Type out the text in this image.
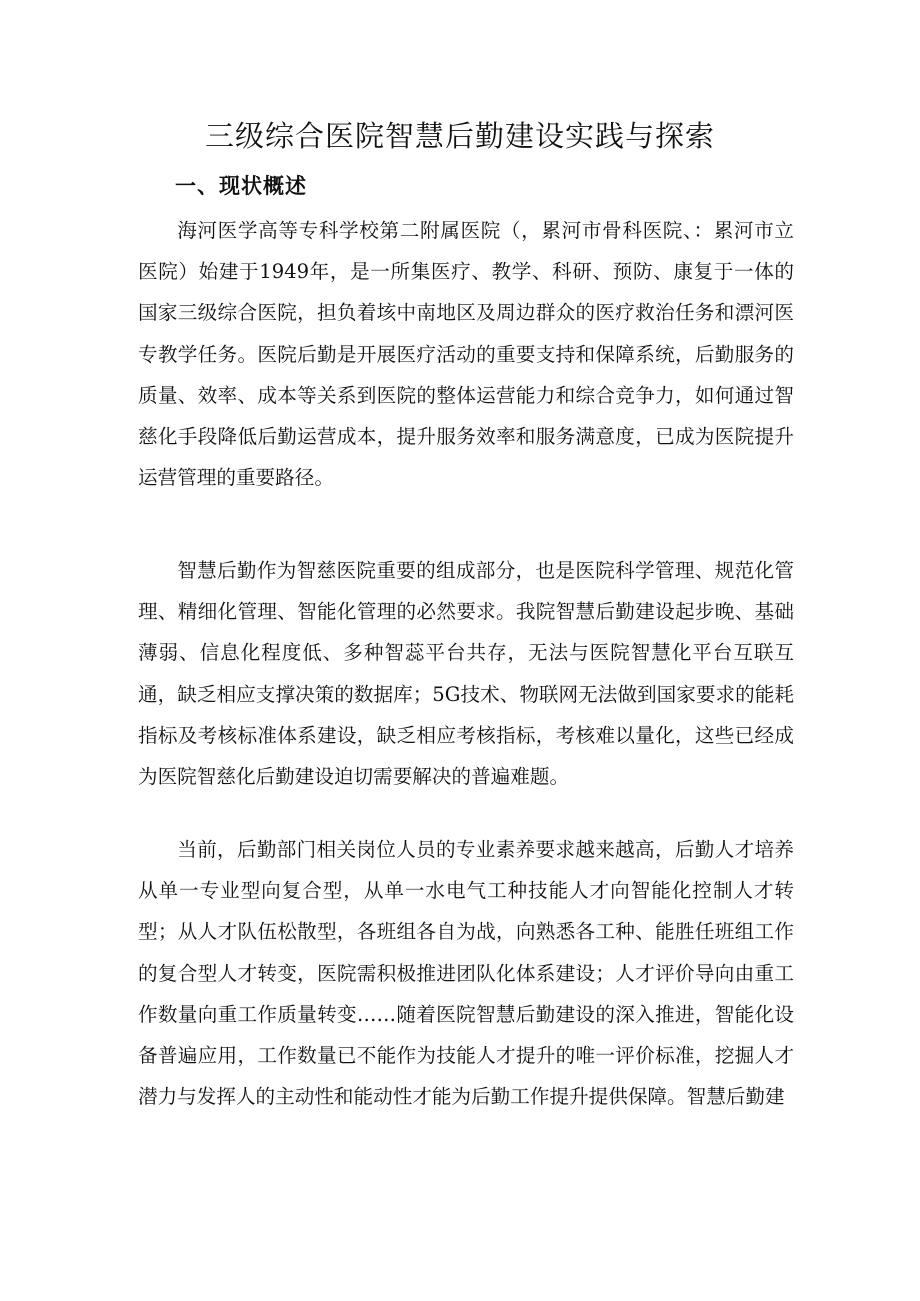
三级综合医院智慧后勤建设实践与探索
一、现状概述

海河医学高等专科学校第二附属医院（，累河市骨科医院、：累河市立医院）始建于1949年，是一所集医疗、教学、科研、预防、康复于一体的国家三级综合医院，担负着垓中南地区及周边群众的医疗救治任务和漂河医专教学任务。医院后勤是开展医疗活动的重要支持和保障系统，后勤服务的质量、效率、成本等关系到医院的整体运营能力和综合竞争力，如何通过智慈化手段降低后勤运营成本，提升服务效率和服务满意度，已成为医院提升运营管理的重要路径。

智慧后勤作为智慈医院重要的组成部分，也是医院科学管理、规范化管理、精细化管理、智能化管理的必然要求。我院智慧后勤建设起步晚、基础薄弱、信息化程度低、多种智蕊平台共存，无法与医院智慧化平台互联互通，缺乏相应支撑决策的数据库；5G技术、物联网无法做到国家要求的能耗指标及考核标准体系建设，缺乏相应考核指标，考核难以量化，这些已经成为医院智慈化后勤建设迫切需要解决的普遍难题。

当前，后勤部门相关岗位人员的专业素养要求越来越高，后勤人才培养从单一专业型向复合型，从单一水电气工种技能人才向智能化控制人才转型；从人才队伍松散型，各班组各自为战，向熟悉各工种、能胜任班组工作的复合型人才转变，医院需积极推进团队化体系建设；人才评价导向由重工作数量向重工作质量转变……随着医院智慧后勤建设的深入推进，智能化设备普遍应用，工作数量已不能作为技能人才提升的唯一评价标准，挖掘人才潜力与发挥人的主动性和能动性才能为后勤工作提升提供保障。智慧后勤建
